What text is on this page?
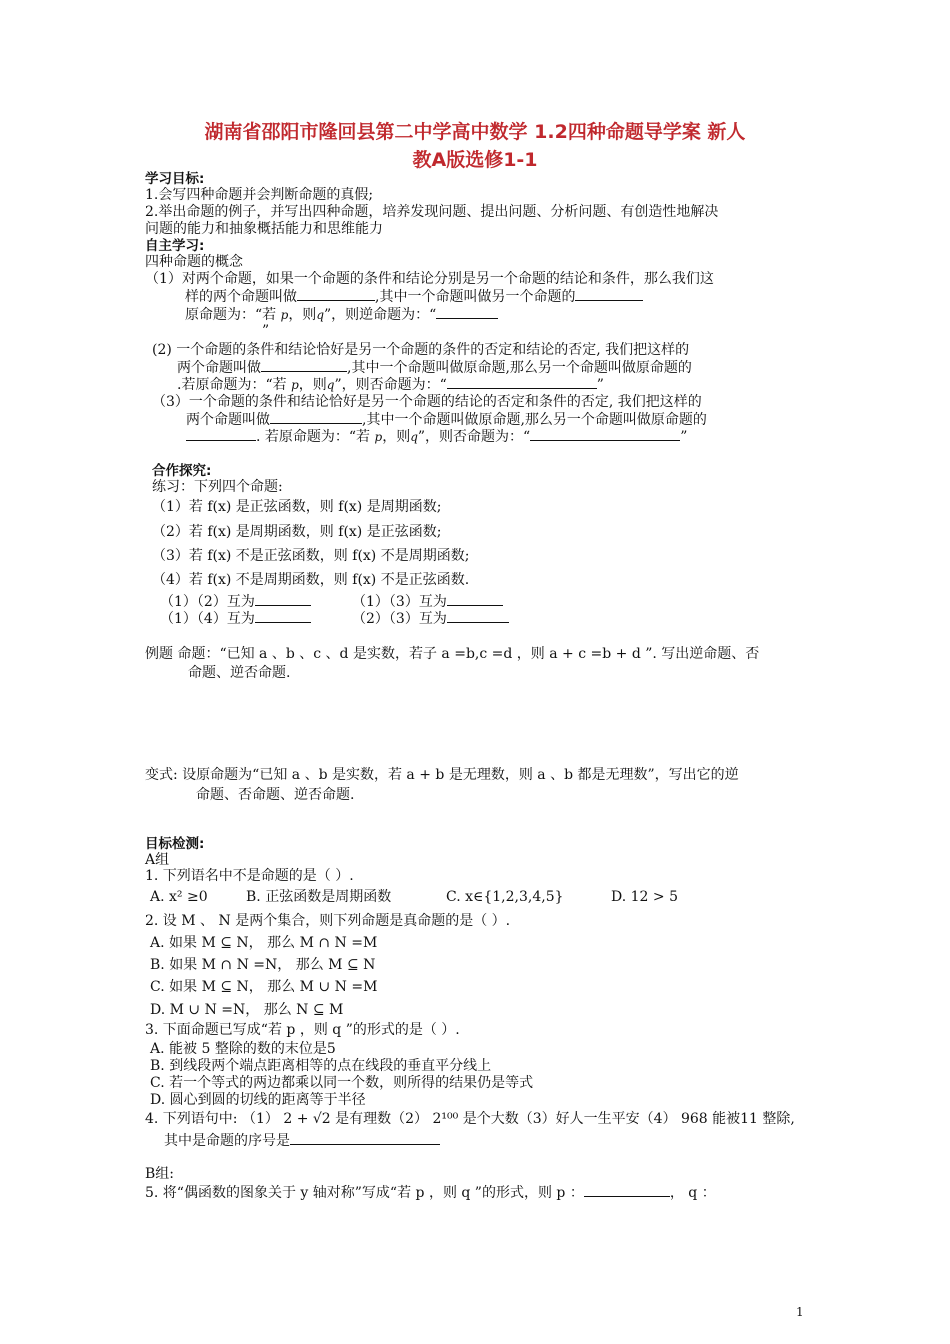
湖南省邵阳市隆回县第二中学高中数学 1.2四种命题导学案 新人
教A版选修1-1
学习目标:
1.会写四种命题并会判断命题的真假;
2.举出命题的例子，并写出四种命题，培养发现问题、提出问题、分析问题、有创造性地解决
问题的能力和抽象概括能力和思维能力
自主学习:
四种命题的概念
（1）对两个命题，如果一个命题的条件和结论分别是另一个命题的结论和条件，那么我们这
样的两个命题叫做	,其中一个命题叫做另一个命题的
原命题为：“若 p，则q”，则逆命题为：“
”
(2) 一个命题的条件和结论恰好是另一个命题的条件的否定和结论的否定, 我们把这样的
两个命题叫做	,其中一个命题叫做原命题,那么另一个命题叫做原命题的
.若原命题为：“若 p，则q”，则否命题为：“	”
（3）一个命题的条件和结论恰好是另一个命题的结论的否定和条件的否定, 我们把这样的
两个命题叫做	,其中一个命题叫做原命题,那么另一个命题叫做原命题的
. 若原命题为：“若 p，则q”，则否命题为：“	”
合作探究:
练习：下列四个命题:
（1）若 f(x) 是正弦函数，则 f(x) 是周期函数;
（2）若 f(x) 是周期函数，则 f(x) 是正弦函数;
（3）若 f(x) 不是正弦函数，则 f(x) 不是周期函数;
（4）若 f(x) 不是周期函数，则 f(x) 不是正弦函数.
（1）（2）互为	（1）（3）互为
（1）（4）互为	（2）（3）互为
例题 命题：“已知 a 、b 、c 、d 是实数，若子 a =b,c =d ，则 a + c =b + d ”. 写出逆命题、否
命题、逆否命题.
变式: 设原命题为“已知 a 、b 是实数，若 a + b 是无理数，则 a 、b 都是无理数”，写出它的逆
命题、否命题、逆否命题.
目标检测:
A组
1. 下列语名中不是命题的是（ ）.
A. x² ≥0	B. 正弦函数是周期函数	C. x∈{1,2,3,4,5}	D. 12 > 5
2. 设 M 、 N 是两个集合，则下列命题是真命题的是（ ）.
A. 如果 M ⊆ N， 那么 M ∩ N =M
B. 如果 M ∩ N =N， 那么 M ⊆ N
C. 如果 M ⊆ N， 那么 M ∪ N =M
D. M ∪ N =N， 那么 N ⊆ M
3. 下面命题已写成“若 p ，则 q ”的形式的是（ ）.
A. 能被 5 整除的数的末位是5
B. 到线段两个端点距离相等的点在线段的垂直平分线上
C. 若一个等式的两边都乘以同一个数，则所得的结果仍是等式
D. 圆心到圆的切线的距离等于半径
4. 下列语句中: （1） 2 + √2 是有理数（2） 2¹⁰⁰ 是个大数（3）好人一生平安（4） 968 能被11 整除,
其中是命题的序号是
B组:
5. 将“偶函数的图象关于 y 轴对称”写成“若 p ，则 q ”的形式，则 p ：	， q ：
1
